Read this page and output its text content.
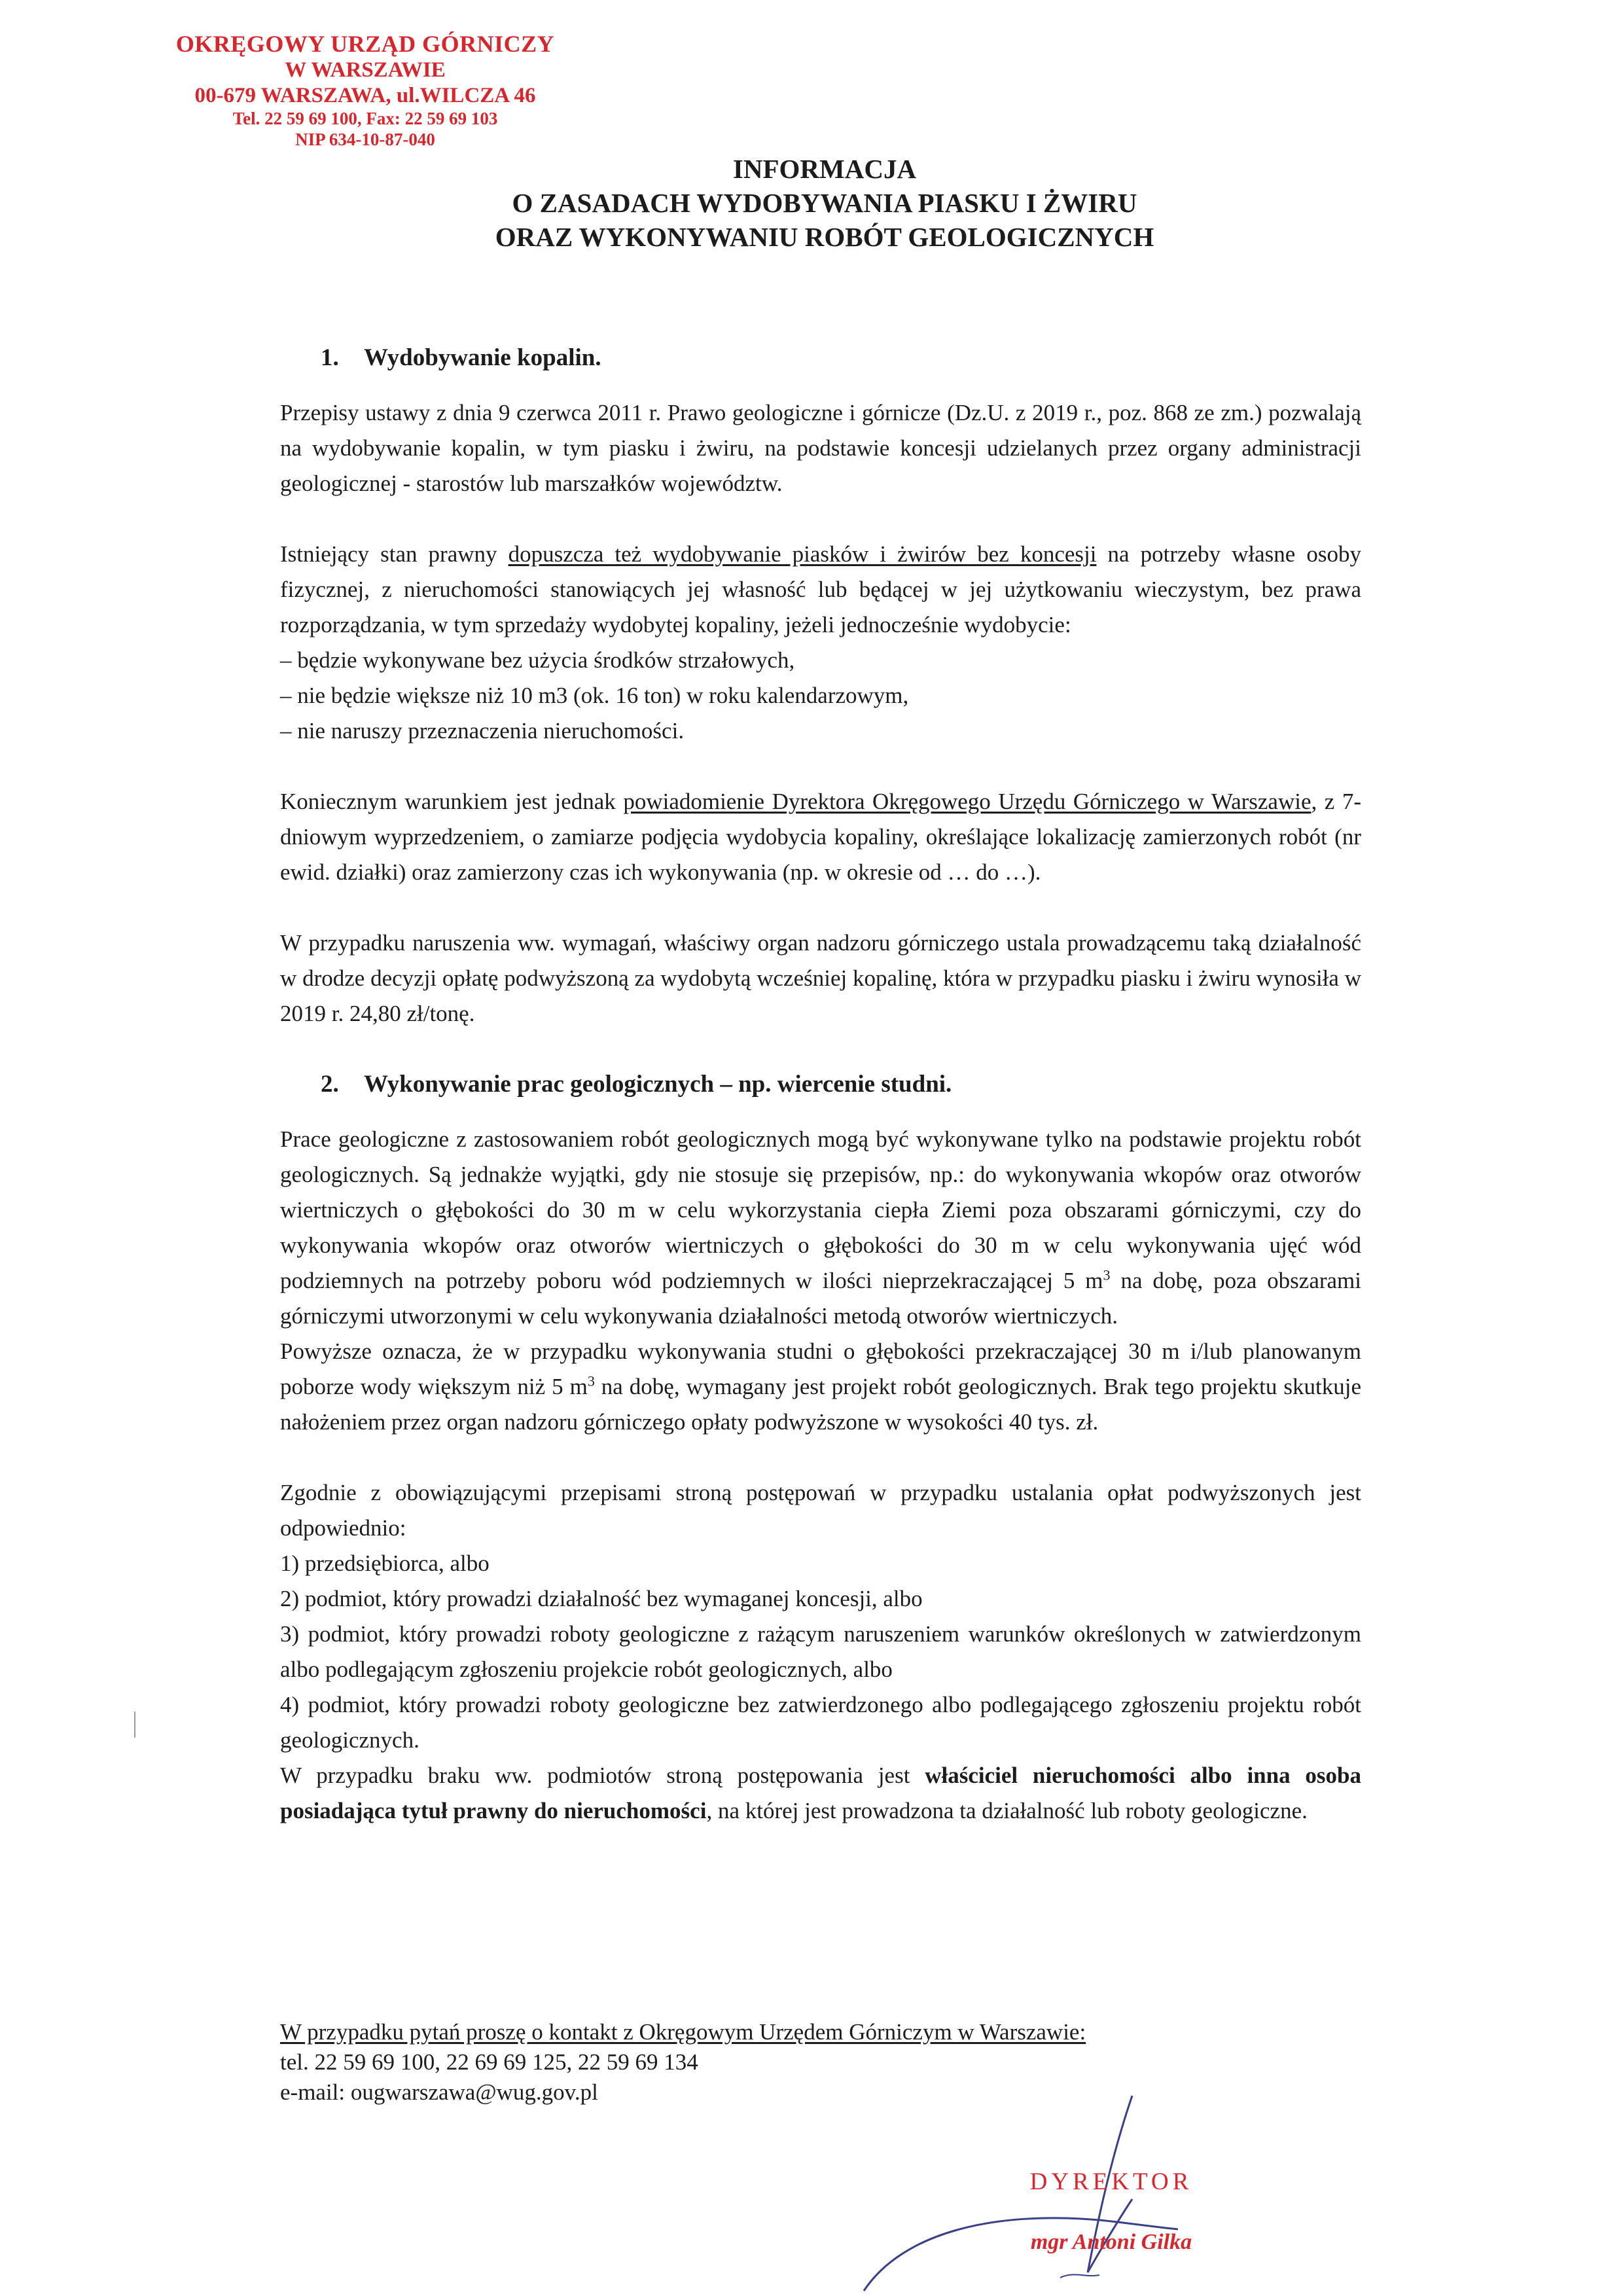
OKRĘGOWY URZĄD GÓRNICZY
W WARSZAWIE
00-679 WARSZAWA, ul.WILCZA 46
Tel. 22 59 69 100, Fax: 22 59 69 103
NIP 634-10-87-040
INFORMACJA
O ZASADACH WYDOBYWANIA PIASKU I ŻWIRU
ORAZ WYKONYWANIU ROBÓT GEOLOGICZNYCH

1. Wydobywanie kopalin.

Przepisy ustawy z dnia 9 czerwca 2011 r. Prawo geologiczne i górnicze (Dz.U. z 2019 r., poz. 868 ze zm.) pozwalają na wydobywanie kopalin, w tym piasku i żwiru, na podstawie koncesji udzielanych przez organy administracji geologicznej - starostów lub marszałków województw.

Istniejący stan prawny dopuszcza też wydobywanie piasków i żwirów bez koncesji na potrzeby własne osoby fizycznej, z nieruchomości stanowiących jej własność lub będącej w jej użytkowaniu wieczystym, bez prawa rozporządzania, w tym sprzedaży wydobytej kopaliny, jeżeli jednocześnie wydobycie:

– będzie wykonywane bez użycia środków strzałowych,

– nie będzie większe niż 10 m3 (ok. 16 ton) w roku kalendarzowym,

– nie naruszy przeznaczenia nieruchomości.

Koniecznym warunkiem jest jednak powiadomienie Dyrektora Okręgowego Urzędu Górniczego w Warszawie, z 7-dniowym wyprzedzeniem, o zamiarze podjęcia wydobycia kopaliny, określające lokalizację zamierzonych robót (nr ewid. działki) oraz zamierzony czas ich wykonywania (np. w okresie od … do …).

W przypadku naruszenia ww. wymagań, właściwy organ nadzoru górniczego ustala prowadzącemu taką działalność w drodze decyzji opłatę podwyższoną za wydobytą wcześniej kopalinę, która w przypadku piasku i żwiru wynosiła w 2019 r. 24,80 zł/tonę.

2. Wykonywanie prac geologicznych – np. wiercenie studni.

Prace geologiczne z zastosowaniem robót geologicznych mogą być wykonywane tylko na podstawie projektu robót geologicznych. Są jednakże wyjątki, gdy nie stosuje się przepisów, np.: do wykonywania wkopów oraz otworów wiertniczych o głębokości do 30 m w celu wykorzystania ciepła Ziemi poza obszarami górniczymi, czy do wykonywania wkopów oraz otworów wiertniczych o głębokości do 30 m w celu wykonywania ujęć wód podziemnych na potrzeby poboru wód podziemnych w ilości nieprzekraczającej 5 $m^3$ na dobę, poza obszarami górniczymi utworzonymi w celu wykonywania działalności metodą otworów wiertniczych.

Powyższe oznacza, że w przypadku wykonywania studni o głębokości przekraczającej 30 m i/lub planowanym poborze wody większym niż 5 $m^3$ na dobę, wymagany jest projekt robót geologicznych. Brak tego projektu skutkuje nałożeniem przez organ nadzoru górniczego opłaty podwyższone w wysokości 40 tys. zł.

Zgodnie z obowiązującymi przepisami stroną postępowań w przypadku ustalania opłat podwyższonych jest odpowiednio:

1) przedsiębiorca, albo

2) podmiot, który prowadzi działalność bez wymaganej koncesji, albo

3) podmiot, który prowadzi roboty geologiczne z rażącym naruszeniem warunków określonych w zatwierdzonym albo podlegającym zgłoszeniu projekcie robót geologicznych, albo

4) podmiot, który prowadzi roboty geologiczne bez zatwierdzonego albo podlegającego zgłoszeniu projektu robót geologicznych.

W przypadku braku ww. podmiotów stroną postępowania jest właściciel nieruchomości albo inna osoba posiadająca tytuł prawny do nieruchomości, na której jest prowadzona ta działalność lub roboty geologiczne.

W przypadku pytań proszę o kontakt z Okręgowym Urzędem Górniczym w Warszawie:

tel. 22 59 69 100, 22 69 69 125, 22 59 69 134

e-mail: ougwarszawa@wug.gov.pl

DYREKTOR
mgr Antoni Gilka
